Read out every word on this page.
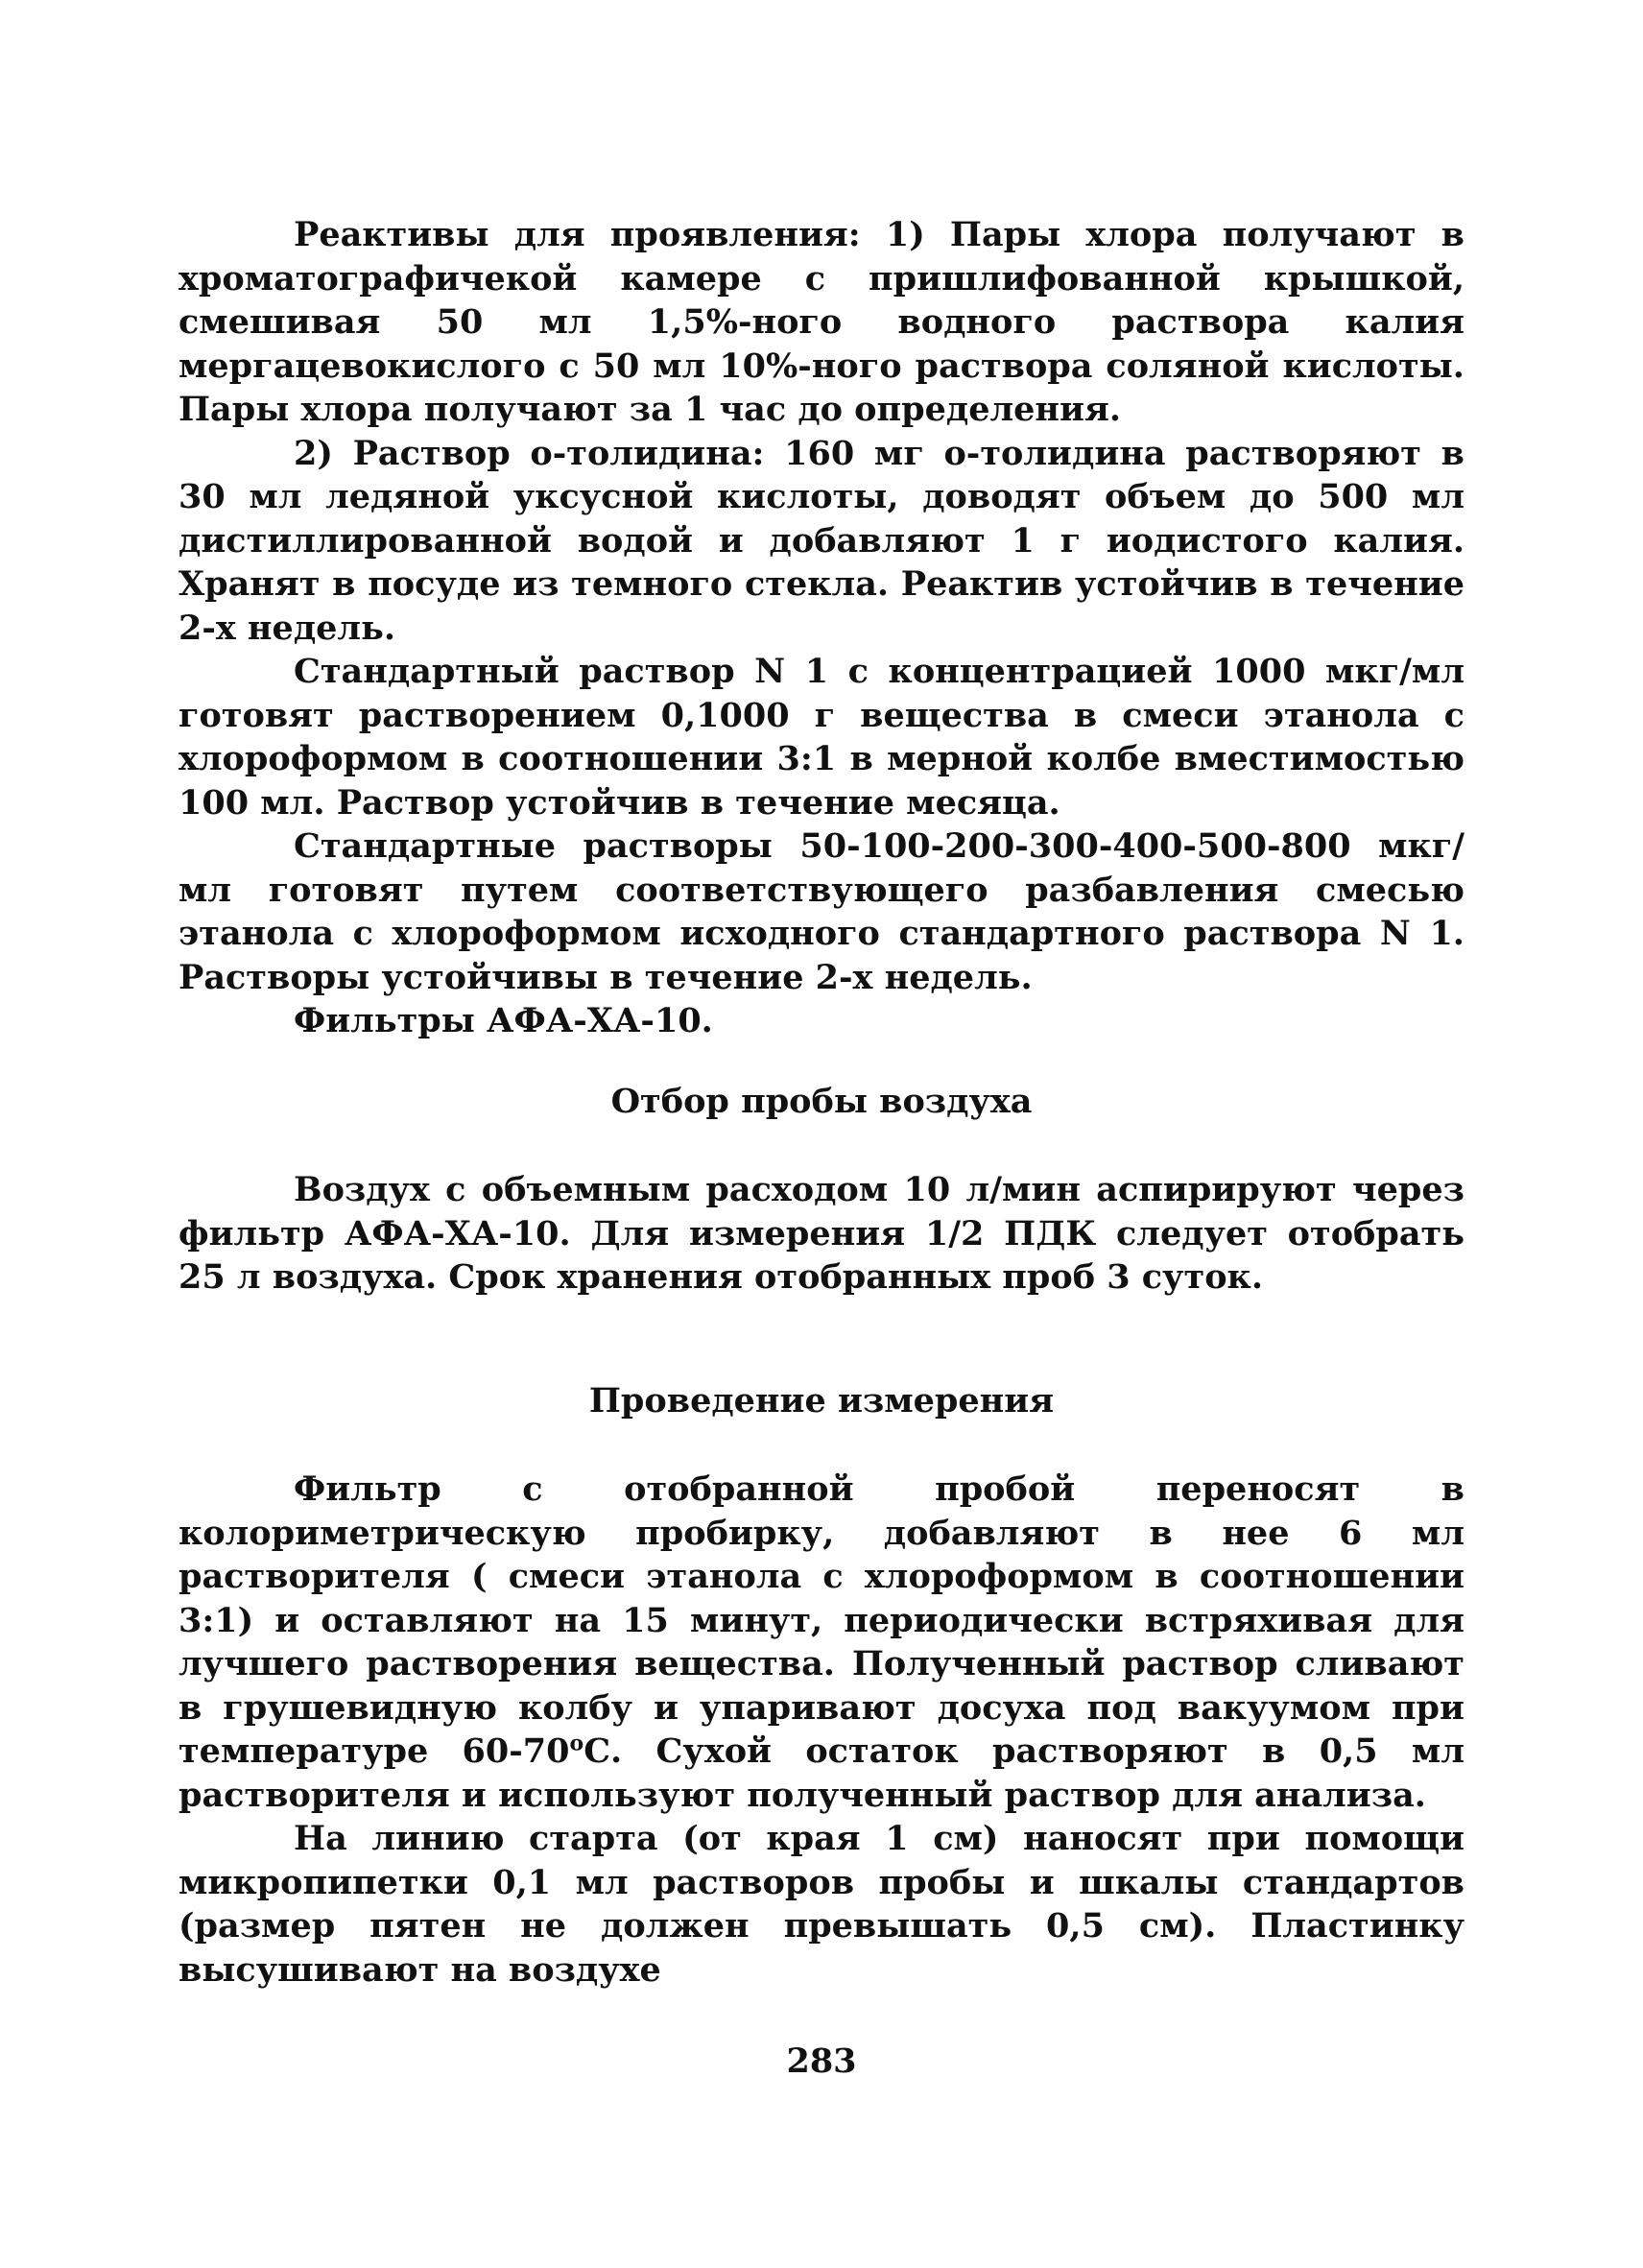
Реактивы для проявления: 1) Пары хлора получают в хроматографичекой камере с пришлифованной крышкой, смешивая 50 мл 1,5%-ного водного раствора калия мергацевокислого с 50 мл 10%-ного раствора соляной кислоты. Пары хлора получают за 1 час до определения.

2) Раствор о-толидина: 160 мг о-толидина растворяют в 30 мл ледяной уксусной кислоты, доводят объем до 500 мл дистиллированной водой и добавляют 1 г иодистого калия. Хранят в посуде из темного стекла. Реактив устойчив в течение 2-х недель.

Стандартный раствор N 1 с концентрацией 1000 мкг/мл готовят растворением 0,1000 г вещества в смеси этанола с хлороформом в соотношении 3:1 в мерной колбе вместимостью 100 мл. Раствор устойчив в течение месяца.

Стандартные растворы 50-100-200-300-400-500-800 мкг/мл готовят путем соответствующего разбавления смесью этанола с хлороформом исходного стандартного раствора N 1. Растворы устойчивы в течение 2-х недель.

Фильтры АФА-ХА-10.

Отбор пробы воздуха

Воздух с объемным расходом 10 л/мин аспирируют через фильтр АФА-ХА-10. Для измерения 1/2 ПДК следует отобрать 25 л воздуха. Срок хранения отобранных проб 3 суток.

Проведение измерения

Фильтр с отобранной пробой переносят в колориметрическую пробирку, добавляют в нее 6 мл растворителя ( смеси этанола с хлороформом в соотношении 3:1) и оставляют на 15 минут, периодически встряхивая для лучшего растворения вещества. Полученный раствор сливают в грушевидную колбу и упаривают досуха под вакуумом при температуре $60-70^оС$. Сухой остаток растворяют в 0,5 мл растворителя и используют полученный раствор для анализа.

На линию старта (от края 1 см) наносят при помощи микропипетки 0,1 мл растворов пробы и шкалы стандартов (размер пятен не должен превышать 0,5 см). Пластинку высушивают на воздухе

283
